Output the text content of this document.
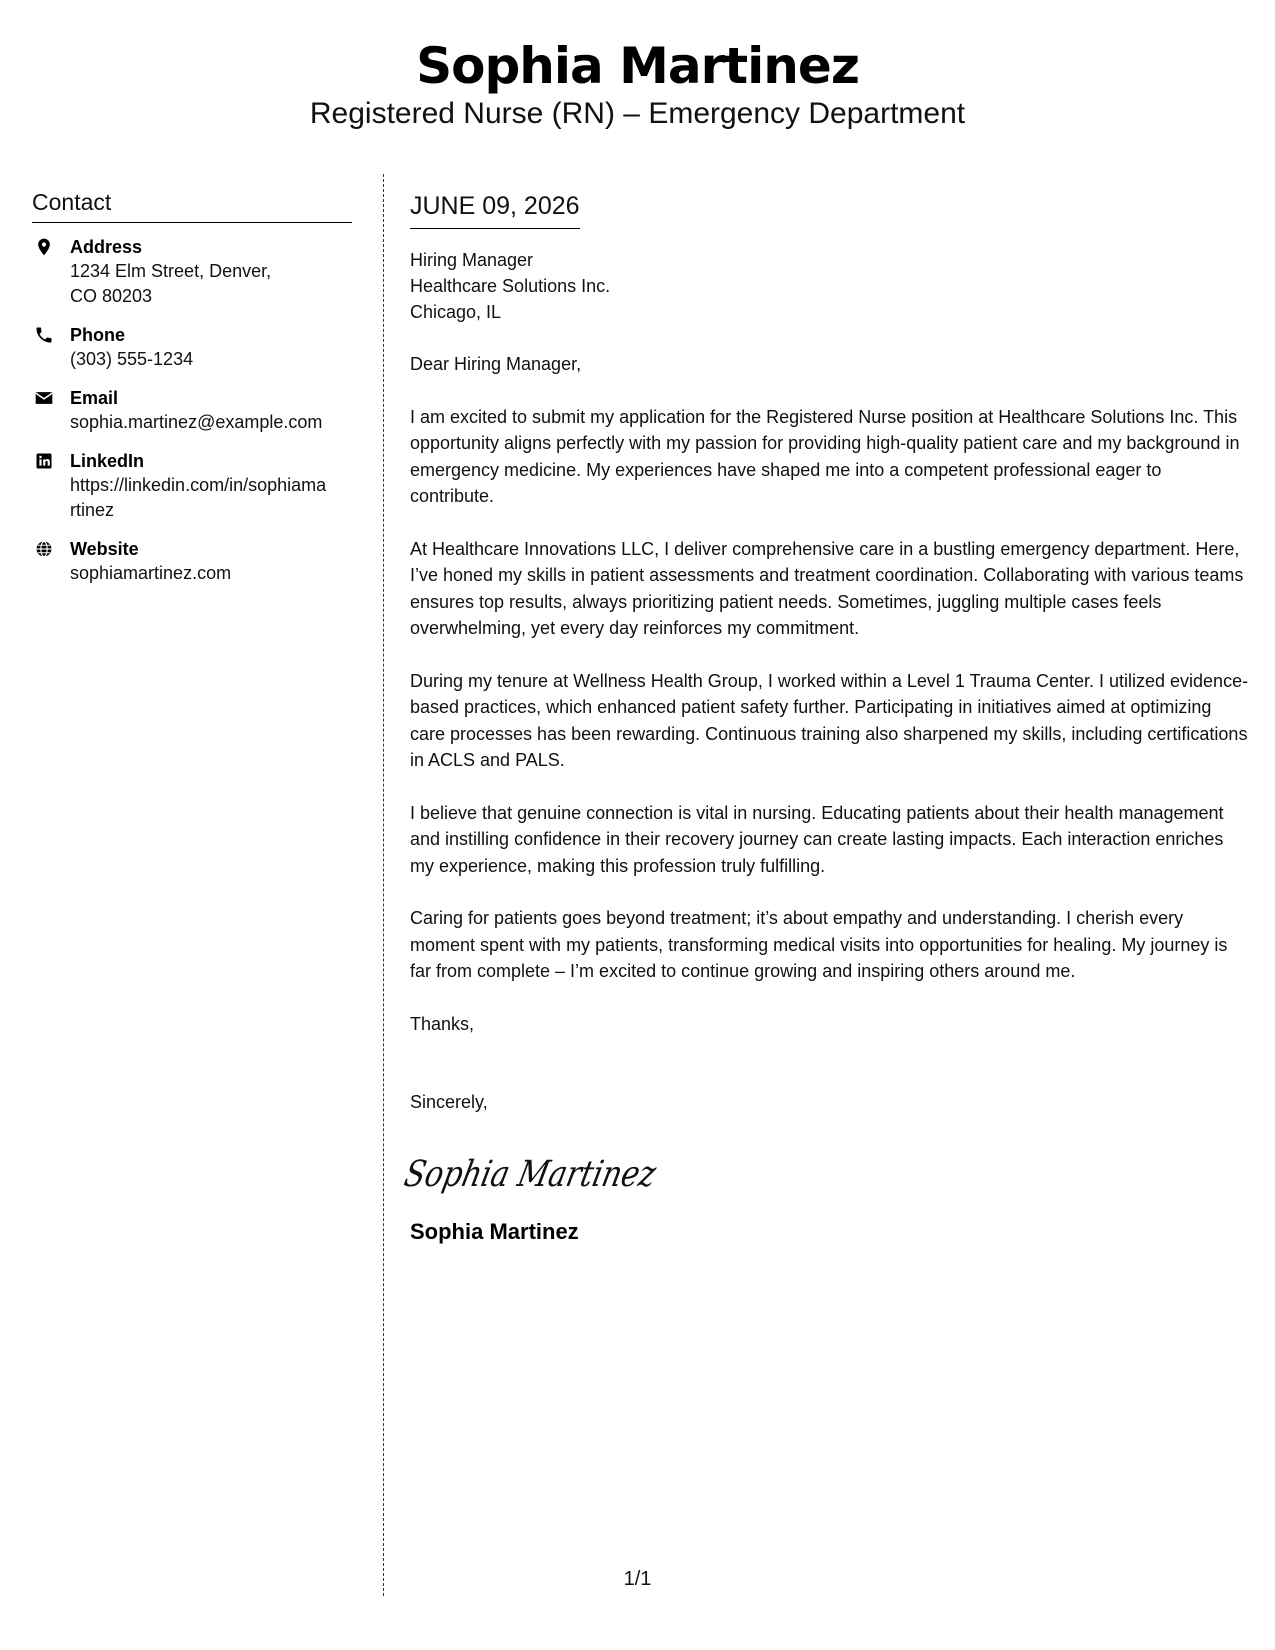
Sophia Martinez
Registered Nurse (RN) – Emergency Department
Contact
Address
1234 Elm Street, Denver, CO 80203
Phone
(303) 555-1234
Email
sophia.martinez@example.com
LinkedIn
https://linkedin.com/in/sophiamartinez
Website
sophiamartinez.com
JUNE 09, 2026
Hiring Manager
Healthcare Solutions Inc.
Chicago, IL
Dear Hiring Manager,
I am excited to submit my application for the Registered Nurse position at Healthcare Solutions Inc. This opportunity aligns perfectly with my passion for providing high-quality patient care and my background in emergency medicine. My experiences have shaped me into a competent professional eager to contribute.
At Healthcare Innovations LLC, I deliver comprehensive care in a bustling emergency department. Here, I’ve honed my skills in patient assessments and treatment coordination. Collaborating with various teams ensures top results, always prioritizing patient needs. Sometimes, juggling multiple cases feels overwhelming, yet every day reinforces my commitment.
During my tenure at Wellness Health Group, I worked within a Level 1 Trauma Center. I utilized evidence-based practices, which enhanced patient safety further. Participating in initiatives aimed at optimizing care processes has been rewarding. Continuous training also sharpened my skills, including certifications in ACLS and PALS.
I believe that genuine connection is vital in nursing. Educating patients about their health management and instilling confidence in their recovery journey can create lasting impacts. Each interaction enriches my experience, making this profession truly fulfilling.
Caring for patients goes beyond treatment; it’s about empathy and understanding. I cherish every moment spent with my patients, transforming medical visits into opportunities for healing. My journey is far from complete – I’m excited to continue growing and inspiring others around me.
Thanks,
Sincerely,
Sophia Martinez
Sophia Martinez
1/1
